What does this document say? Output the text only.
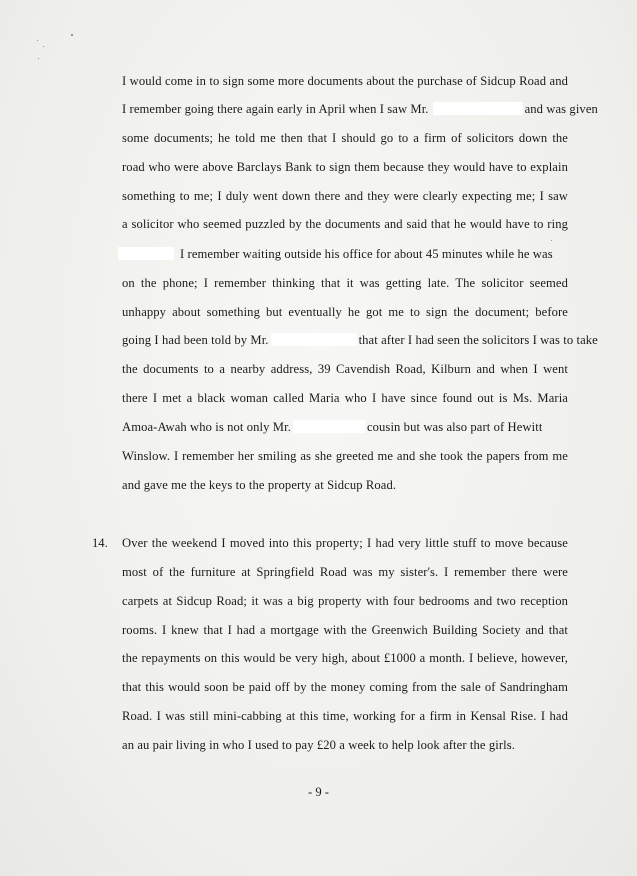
I would come in to sign some more documents about the purchase of Sidcup Road and
I remember going there again early in April when I saw Mr.	and was given
some documents; he told me then that I should go to a firm of solicitors down the
road who were above Barclays Bank to sign them because they would have to explain
something to me; I duly went down there and they were clearly expecting me; I saw
a solicitor who seemed puzzled by the documents and said that he would have to ring
I remember waiting outside his office for about 45 minutes while he was
on the phone; I remember thinking that it was getting late. The solicitor seemed
unhappy about something but eventually he got me to sign the document; before
going I had been told by Mr.	that after I had seen the solicitors I was to take
the documents to a nearby address, 39 Cavendish Road, Kilburn and when I went
there I met a black woman called Maria who I have since found out is Ms. Maria
Amoa-Awah who is not only Mr.	cousin but was also part of Hewitt
Winslow. I remember her smiling as she greeted me and she took the papers from me
and gave me the keys to the property at Sidcup Road.
14. Over the weekend I moved into this property; I had very little stuff to move because
most of the furniture at Springfield Road was my sister's. I remember there were
carpets at Sidcup Road; it was a big property with four bedrooms and two reception
rooms. I knew that I had a mortgage with the Greenwich Building Society and that
the repayments on this would be very high, about £1000 a month. I believe, however,
that this would soon be paid off by the money coming from the sale of Sandringham
Road. I was still mini-cabbing at this time, working for a firm in Kensal Rise. I had
an au pair living in who I used to pay £20 a week to help look after the girls.
- 9 -
